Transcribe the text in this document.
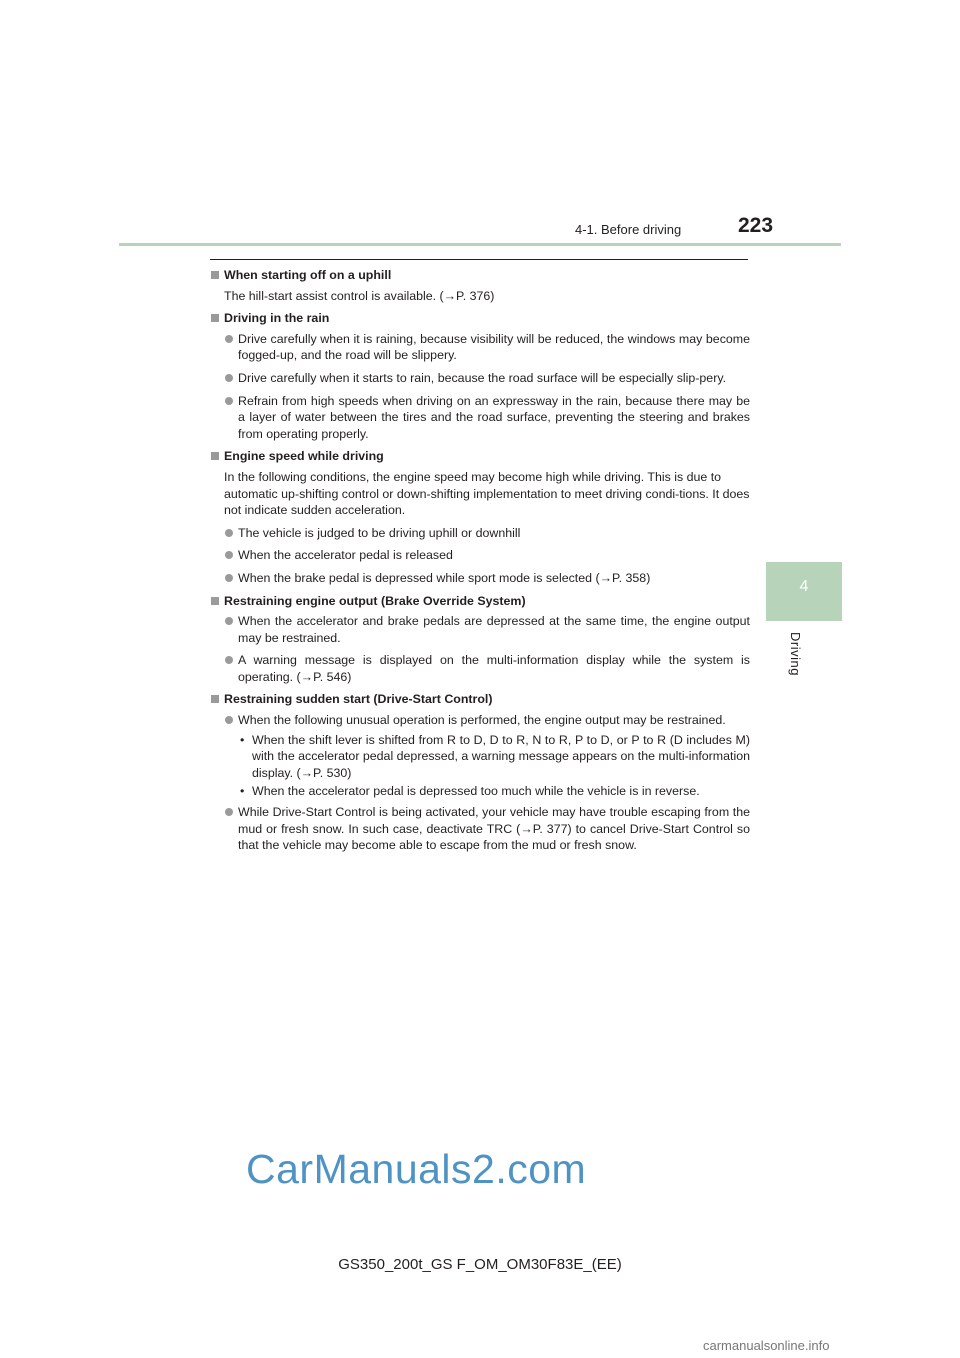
4-1. Before driving	223
4
Driving
When starting off on a uphill
The hill-start assist control is available. (→P. 376)
Driving in the rain
Drive carefully when it is raining, because visibility will be reduced, the windows may become fogged-up, and the road will be slippery.
Drive carefully when it starts to rain, because the road surface will be especially slip-pery.
Refrain from high speeds when driving on an expressway in the rain, because there may be a layer of water between the tires and the road surface, preventing the steering and brakes from operating properly.
Engine speed while driving
In the following conditions, the engine speed may become high while driving. This is due to automatic up-shifting control or down-shifting implementation to meet driving condi-tions. It does not indicate sudden acceleration.
The vehicle is judged to be driving uphill or downhill
When the accelerator pedal is released
When the brake pedal is depressed while sport mode is selected (→P. 358)
Restraining engine output (Brake Override System)
When the accelerator and brake pedals are depressed at the same time, the engine output may be restrained.
A warning message is displayed on the multi-information display while the system is operating. (→P. 546)
Restraining sudden start (Drive-Start Control)
When the following unusual operation is performed, the engine output may be restrained.
• When the shift lever is shifted from R to D, D to R, N to R, P to D, or P to R (D includes M) with the accelerator pedal depressed, a warning message appears on the multi-information display. (→P. 530)
• When the accelerator pedal is depressed too much while the vehicle is in reverse.
While Drive-Start Control is being activated, your vehicle may have trouble escaping from the mud or fresh snow. In such case, deactivate TRC (→P. 377) to cancel Drive-Start Control so that the vehicle may become able to escape from the mud or fresh snow.
CarManuals2.com
GS350_200t_GS F_OM_OM30F83E_(EE)
carmanualsonline.info
